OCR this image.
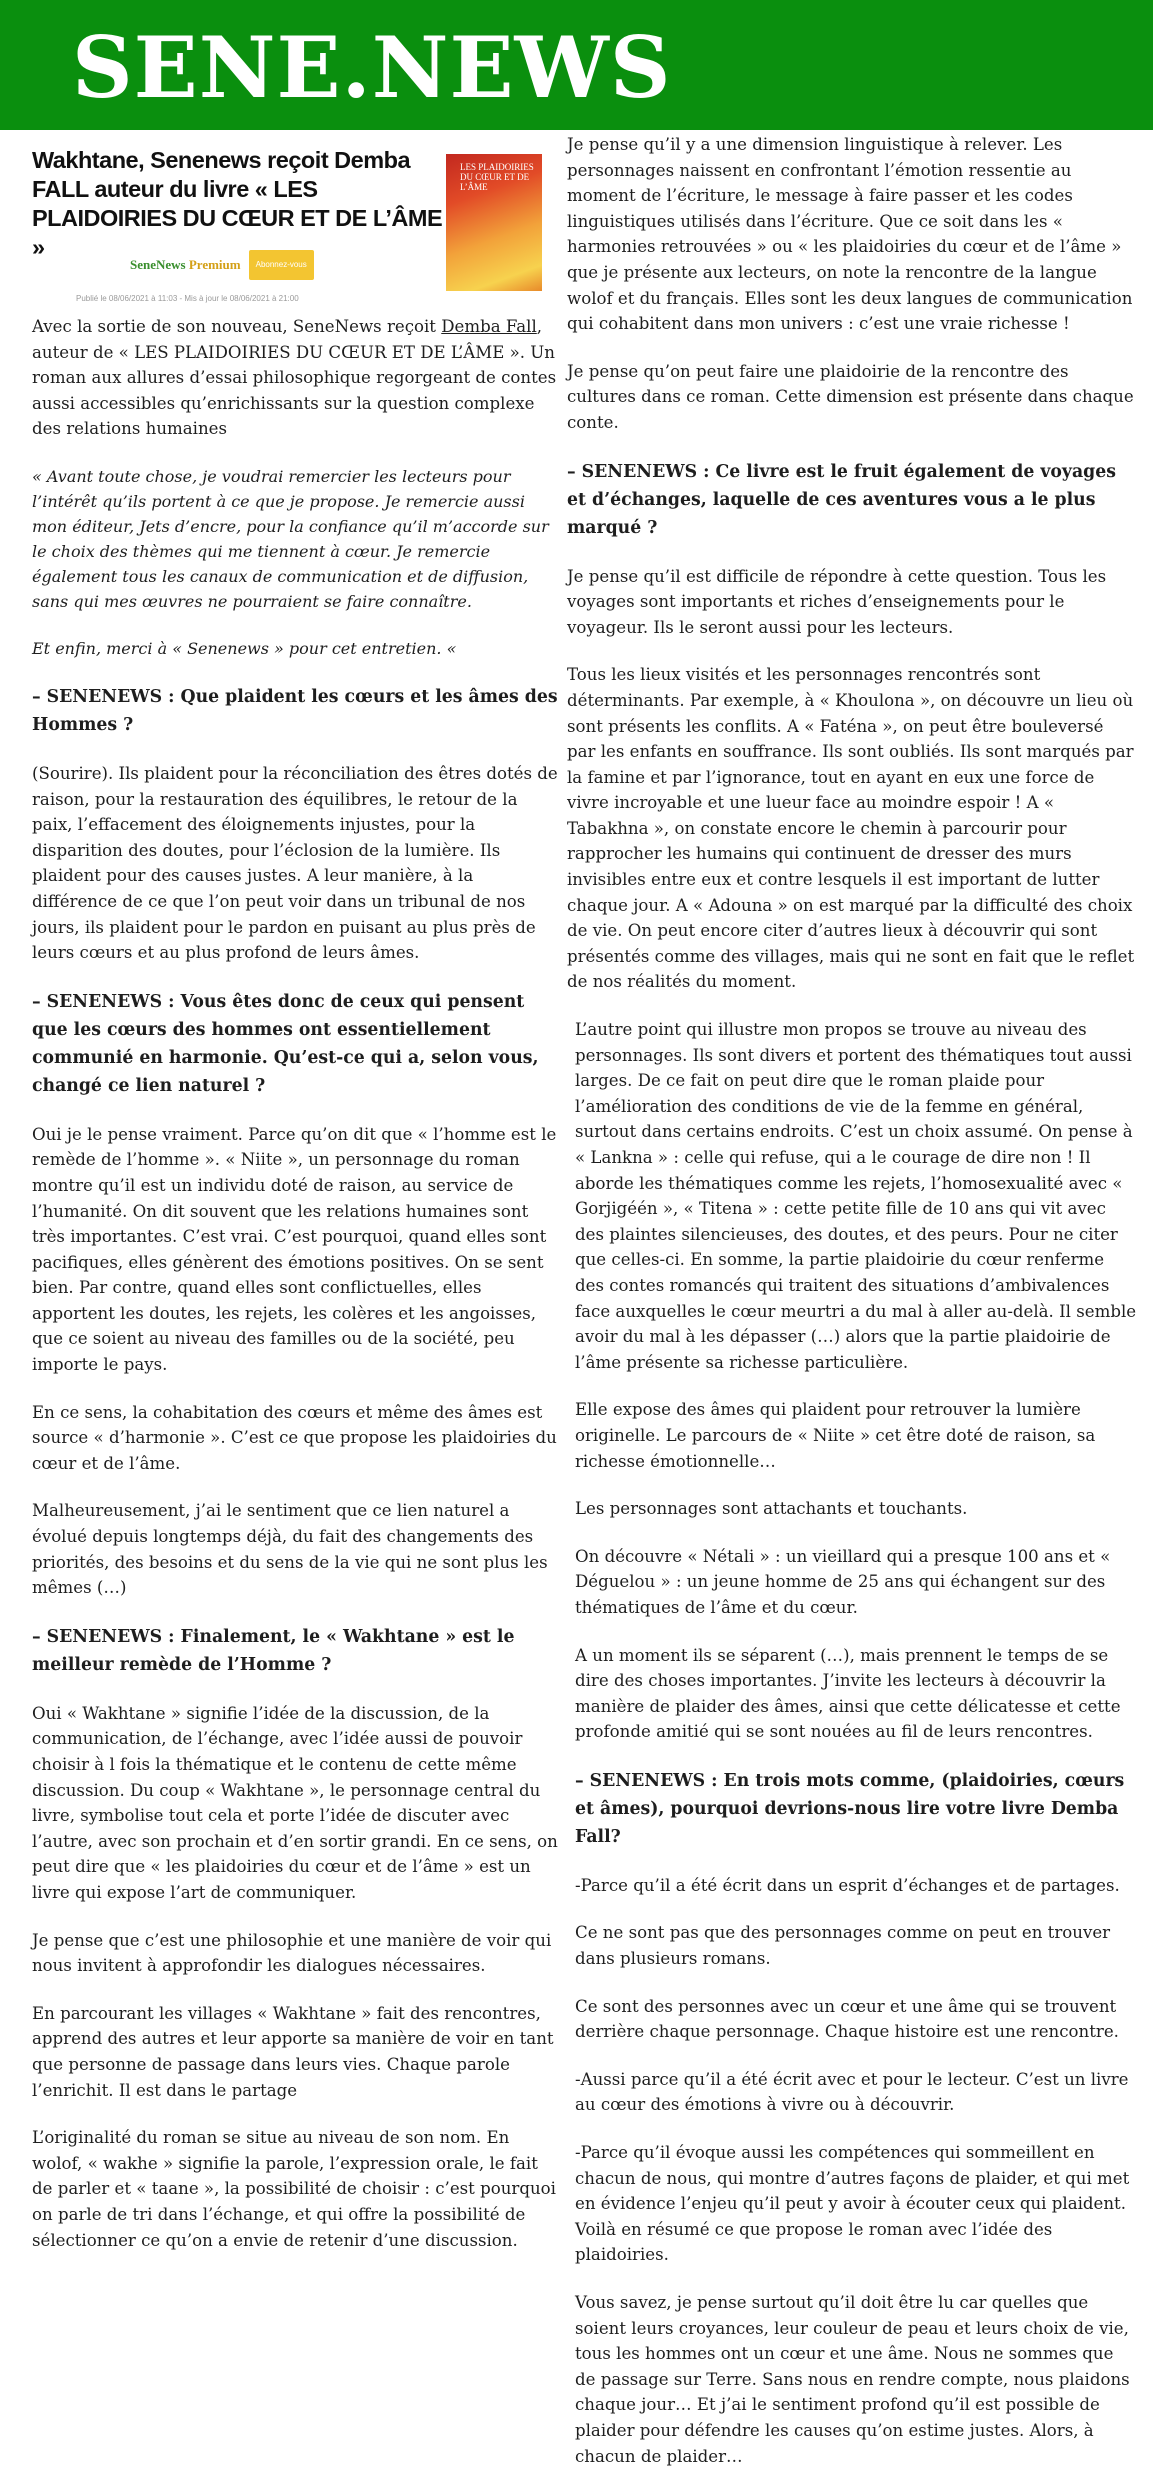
SENE.NEWS
Wakhtane, Senenews reçoit Demba FALL auteur du livre « LES PLAIDOIRIES DU CŒUR ET DE L’ÂME »
LES PLAIDOIRIES DU CŒUR ET DE L’ÂME
SeneNews Premium	Abonnez-vous
Publié le 08/06/2021 à 11:03 - Mis à jour le 08/06/2021 à 21:00

Avec la sortie de son nouveau, SeneNews reçoit Demba Fall, auteur de « LES PLAIDOIRIES DU CŒUR ET DE L’ÂME ». Un roman aux allures d’essai philosophique regorgeant de contes aussi accessibles qu’enrichissants sur la question complexe des relations humaines

« Avant toute chose, je voudrai remercier les lecteurs pour l’intérêt qu’ils portent à ce que je propose. Je remercie aussi mon éditeur, Jets d’encre, pour la confiance qu’il m’accorde sur le choix des thèmes qui me tiennent à cœur. Je remercie également tous les canaux de communication et de diffusion, sans qui mes œuvres ne pourraient se faire connaître.

Et enfin, merci à « Senenews » pour cet entretien. «

– SENENEWS : Que plaident les cœurs et les âmes des Hommes ?

(Sourire). Ils plaident pour la réconciliation des êtres dotés de raison, pour la restauration des équilibres, le retour de la paix, l’effacement des éloignements injustes, pour la disparition des doutes, pour l’éclosion de la lumière. Ils plaident pour des causes justes. A leur manière, à la différence de ce que l’on peut voir dans un tribunal de nos jours, ils plaident pour le pardon en puisant au plus près de leurs cœurs et au plus profond de leurs âmes.

– SENENEWS : Vous êtes donc de ceux qui pensent que les cœurs des hommes ont essentiellement communié en harmonie. Qu’est-ce qui a, selon vous, changé ce lien naturel ?

Oui je le pense vraiment. Parce qu’on dit que « l’homme est le remède de l’homme ». « Niite », un personnage du roman montre qu’il est un individu doté de raison, au service de l’humanité. On dit souvent que les relations humaines sont très importantes. C’est vrai. C’est pourquoi, quand elles sont pacifiques, elles génèrent des émotions positives. On se sent bien. Par contre, quand elles sont conflictuelles, elles apportent les doutes, les rejets, les colères et les angoisses, que ce soient au niveau des familles ou de la société, peu importe le pays.

En ce sens, la cohabitation des cœurs et même des âmes est source « d’harmonie ». C’est ce que propose les plaidoiries du cœur et de l’âme.

Malheureusement, j’ai le sentiment que ce lien naturel a évolué depuis longtemps déjà, du fait des changements des priorités, des besoins et du sens de la vie qui ne sont plus les mêmes (…)

– SENENEWS : Finalement, le « Wakhtane » est le meilleur remède de l’Homme ?

Oui « Wakhtane » signifie l’idée de la discussion, de la communication, de l’échange, avec l’idée aussi de pouvoir choisir à l fois la thématique et le contenu de cette même discussion. Du coup « Wakhtane », le personnage central du livre, symbolise tout cela et porte l’idée de discuter avec l’autre, avec son prochain et d’en sortir grandi. En ce sens, on peut dire que « les plaidoiries du cœur et de l’âme » est un livre qui expose l’art de communiquer.

Je pense que c’est une philosophie et une manière de voir qui nous invitent à approfondir les dialogues nécessaires.

En parcourant les villages « Wakhtane » fait des rencontres, apprend des autres et leur apporte sa manière de voir en tant que personne de passage dans leurs vies. Chaque parole l’enrichit. Il est dans le partage

L’originalité du roman se situe au niveau de son nom. En wolof, « wakhe » signifie la parole, l’expression orale, le fait de parler et « taane », la possibilité de choisir : c’est pourquoi on parle de tri dans l’échange, et qui offre la possibilité de sélectionner ce qu’on a envie de retenir d’une discussion.

Je pense qu’il y a une dimension linguistique à relever. Les personnages naissent en confrontant l’émotion ressentie au moment de l’écriture, le message à faire passer et les codes linguistiques utilisés dans l’écriture. Que ce soit dans les « harmonies retrouvées » ou « les plaidoiries du cœur et de l’âme » que je présente aux lecteurs, on note la rencontre de la langue wolof et du français. Elles sont les deux langues de communication qui cohabitent dans mon univers : c’est une vraie richesse !

Je pense qu’on peut faire une plaidoirie de la rencontre des cultures dans ce roman. Cette dimension est présente dans chaque conte.

– SENENEWS : Ce livre est le fruit également de voyages et d’échanges, laquelle de ces aventures vous a le plus marqué ?

Je pense qu’il est difficile de répondre à cette question. Tous les voyages sont importants et riches d’enseignements pour le voyageur. Ils le seront aussi pour les lecteurs.

Tous les lieux visités et les personnages rencontrés sont déterminants. Par exemple, à « Khoulona », on découvre un lieu où sont présents les conflits. A « Faténa », on peut être bouleversé par les enfants en souffrance. Ils sont oubliés. Ils sont marqués par la famine et par l’ignorance, tout en ayant en eux une force de vivre incroyable et une lueur face au moindre espoir ! A « Tabakhna », on constate encore le chemin à parcourir pour rapprocher les humains qui continuent de dresser des murs invisibles entre eux et contre lesquels il est important de lutter chaque jour. A « Adouna » on est marqué par la difficulté des choix de vie. On peut encore citer d’autres lieux à découvrir qui sont présentés comme des villages, mais qui ne sont en fait que le reflet de nos réalités du moment.

L’autre point qui illustre mon propos se trouve au niveau des personnages. Ils sont divers et portent des thématiques tout aussi larges. De ce fait on peut dire que le roman plaide pour l’amélioration des conditions de vie de la femme en général, surtout dans certains endroits. C’est un choix assumé. On pense à « Lankna » : celle qui refuse, qui a le courage de dire non ! Il aborde les thématiques comme les rejets, l’homosexualité avec « Gorjigéén », « Titena » : cette petite fille de 10 ans qui vit avec des plaintes silencieuses, des doutes, et des peurs. Pour ne citer que celles-ci. En somme, la partie plaidoirie du cœur renferme des contes romancés qui traitent des situations d’ambivalences face auxquelles le cœur meurtri a du mal à aller au-delà. Il semble avoir du mal à les dépasser (…) alors que la partie plaidoirie de l’âme présente sa richesse particulière.

Elle expose des âmes qui plaident pour retrouver la lumière originelle. Le parcours de « Niite » cet être doté de raison, sa richesse émotionnelle…

Les personnages sont attachants et touchants.

On découvre « Nétali » : un vieillard qui a presque 100 ans et « Déguelou » : un jeune homme de 25 ans qui échangent sur des thématiques de l’âme et du cœur.

A un moment ils se séparent (…), mais prennent le temps de se dire des choses importantes. J’invite les lecteurs à découvrir la manière de plaider des âmes, ainsi que cette délicatesse et cette profonde amitié qui se sont nouées au fil de leurs rencontres.

– SENENEWS : En trois mots comme, (plaidoiries, cœurs et âmes), pourquoi devrions-nous lire votre livre Demba Fall?

-Parce qu’il a été écrit dans un esprit d’échanges et de partages.

Ce ne sont pas que des personnages comme on peut en trouver dans plusieurs romans.

Ce sont des personnes avec un cœur et une âme qui se trouvent derrière chaque personnage. Chaque histoire est une rencontre.

-Aussi parce qu’il a été écrit avec et pour le lecteur. C’est un livre au cœur des émotions à vivre ou à découvrir.

-Parce qu’il évoque aussi les compétences qui sommeillent en chacun de nous, qui montre d’autres façons de plaider, et qui met en évidence l’enjeu qu’il peut y avoir à écouter ceux qui plaident. Voilà en résumé ce que propose le roman avec l’idée des plaidoiries.

Vous savez, je pense surtout qu’il doit être lu car quelles que soient leurs croyances, leur couleur de peau et leurs choix de vie, tous les hommes ont un cœur et une âme. Nous ne sommes que de passage sur Terre. Sans nous en rendre compte, nous plaidons chaque jour… Et j’ai le sentiment profond qu’il est possible de plaider pour défendre les causes qu’on estime justes. Alors, à chacun de plaider…
